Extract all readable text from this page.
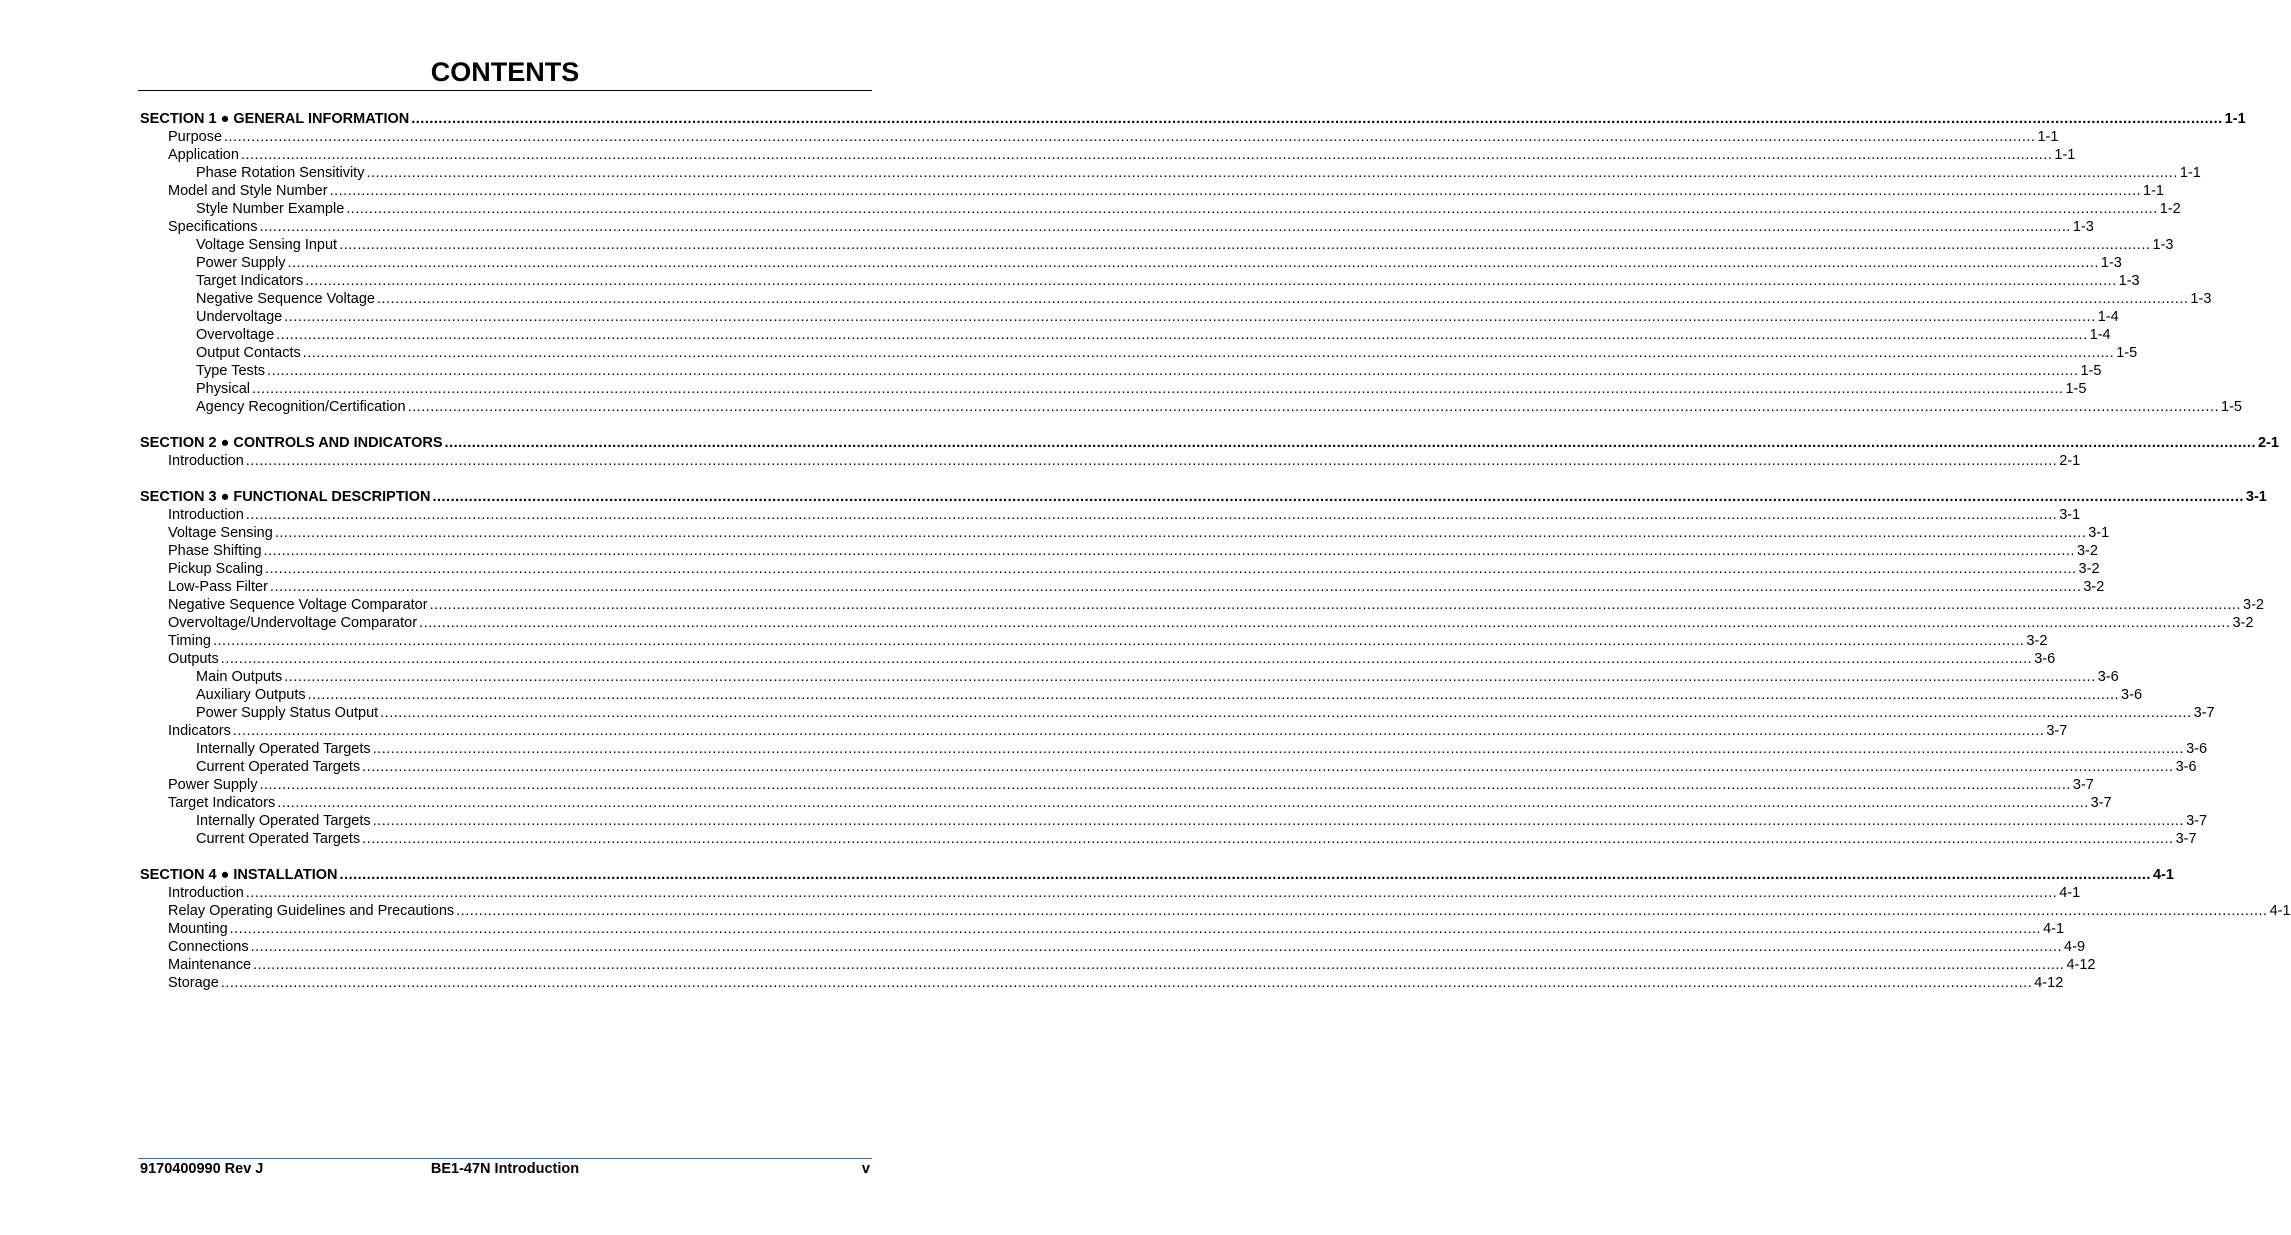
CONTENTS
SECTION 1 ● GENERAL INFORMATION ................................................................................................................................................................................................................................................................................................................................................................................................................ 1-1
Purpose ................................................................................................................................................................................................................................................................................................................................................................................................................ 1-1
Application ................................................................................................................................................................................................................................................................................................................................................................................................................ 1-1
Phase Rotation Sensitivity ................................................................................................................................................................................................................................................................................................................................................................................................................ 1-1
Model and Style Number ................................................................................................................................................................................................................................................................................................................................................................................................................ 1-1
Style Number Example ................................................................................................................................................................................................................................................................................................................................................................................................................ 1-2
Specifications ................................................................................................................................................................................................................................................................................................................................................................................................................ 1-3
Voltage Sensing Input ................................................................................................................................................................................................................................................................................................................................................................................................................ 1-3
Power Supply ................................................................................................................................................................................................................................................................................................................................................................................................................ 1-3
Target Indicators ................................................................................................................................................................................................................................................................................................................................................................................................................ 1-3
Negative Sequence Voltage ................................................................................................................................................................................................................................................................................................................................................................................................................ 1-3
Undervoltage ................................................................................................................................................................................................................................................................................................................................................................................................................ 1-4
Overvoltage ................................................................................................................................................................................................................................................................................................................................................................................................................ 1-4
Output Contacts ................................................................................................................................................................................................................................................................................................................................................................................................................ 1-5
Type Tests ................................................................................................................................................................................................................................................................................................................................................................................................................ 1-5
Physical ................................................................................................................................................................................................................................................................................................................................................................................................................ 1-5
Agency Recognition/Certification ................................................................................................................................................................................................................................................................................................................................................................................................................ 1-5
SECTION 2 ● CONTROLS AND INDICATORS ................................................................................................................................................................................................................................................................................................................................................................................................................ 2-1
Introduction ................................................................................................................................................................................................................................................................................................................................................................................................................ 2-1
SECTION 3 ● FUNCTIONAL DESCRIPTION ................................................................................................................................................................................................................................................................................................................................................................................................................ 3-1
Introduction ................................................................................................................................................................................................................................................................................................................................................................................................................ 3-1
Voltage Sensing ................................................................................................................................................................................................................................................................................................................................................................................................................ 3-1
Phase Shifting ................................................................................................................................................................................................................................................................................................................................................................................................................ 3-2
Pickup Scaling ................................................................................................................................................................................................................................................................................................................................................................................................................ 3-2
Low-Pass Filter ................................................................................................................................................................................................................................................................................................................................................................................................................ 3-2
Negative Sequence Voltage Comparator ................................................................................................................................................................................................................................................................................................................................................................................................................ 3-2
Overvoltage/Undervoltage Comparator ................................................................................................................................................................................................................................................................................................................................................................................................................ 3-2
Timing ................................................................................................................................................................................................................................................................................................................................................................................................................ 3-2
Outputs ................................................................................................................................................................................................................................................................................................................................................................................................................ 3-6
Main Outputs ................................................................................................................................................................................................................................................................................................................................................................................................................ 3-6
Auxiliary Outputs ................................................................................................................................................................................................................................................................................................................................................................................................................ 3-6
Power Supply Status Output ................................................................................................................................................................................................................................................................................................................................................................................................................ 3-7
Indicators ................................................................................................................................................................................................................................................................................................................................................................................................................ 3-7
Internally Operated Targets ................................................................................................................................................................................................................................................................................................................................................................................................................ 3-6
Current Operated Targets ................................................................................................................................................................................................................................................................................................................................................................................................................ 3-6
Power Supply ................................................................................................................................................................................................................................................................................................................................................................................................................ 3-7
Target Indicators ................................................................................................................................................................................................................................................................................................................................................................................................................ 3-7
Internally Operated Targets ................................................................................................................................................................................................................................................................................................................................................................................................................ 3-7
Current Operated Targets ................................................................................................................................................................................................................................................................................................................................................................................................................ 3-7
SECTION 4 ● INSTALLATION ................................................................................................................................................................................................................................................................................................................................................................................................................ 4-1
Introduction ................................................................................................................................................................................................................................................................................................................................................................................................................ 4-1
Relay Operating Guidelines and Precautions ................................................................................................................................................................................................................................................................................................................................................................................................................ 4-1
Mounting ................................................................................................................................................................................................................................................................................................................................................................................................................ 4-1
Connections ................................................................................................................................................................................................................................................................................................................................................................................................................ 4-9
Maintenance ................................................................................................................................................................................................................................................................................................................................................................................................................ 4-12
Storage ................................................................................................................................................................................................................................................................................................................................................................................................................ 4-12
9170400990 Rev J	BE1-47N Introduction	v
